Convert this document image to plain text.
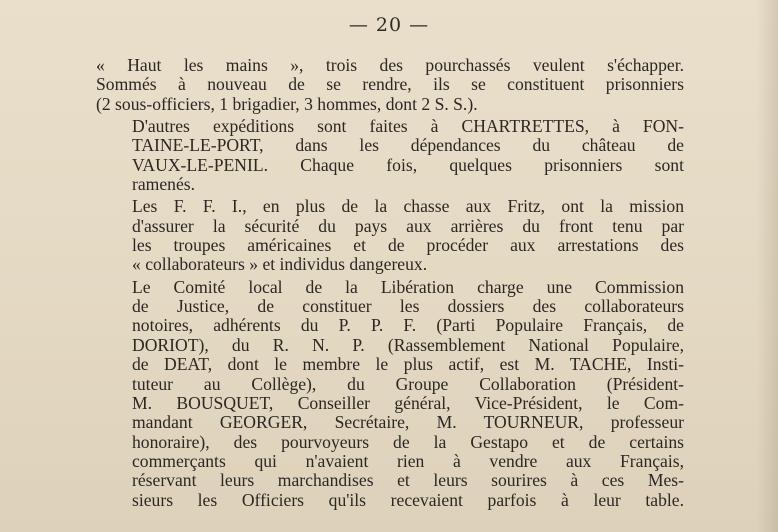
— 20 —

« Haut les mains », trois des pourchassés veulent s'échapper.
Sommés à nouveau de se rendre, ils se constituent prisonniers
(2 sous-officiers, 1 brigadier, 3 hommes, dont 2 S. S.).

D'autres expéditions sont faites à CHARTRETTES, à FON-
TAINE-LE-PORT, dans les dépendances du château de
VAUX-LE-PENIL. Chaque fois, quelques prisonniers sont
ramenés.

Les F. F. I., en plus de la chasse aux Fritz, ont la mission
d'assurer la sécurité du pays aux arrières du front tenu par
les troupes américaines et de procéder aux arrestations des
« collaborateurs » et individus dangereux.

Le Comité local de la Libération charge une Commission
de Justice, de constituer les dossiers des collaborateurs
notoires, adhérents du P. P. F. (Parti Populaire Français, de
DORIOT), du R. N. P. (Rassemblement National Populaire,
de DEAT, dont le membre le plus actif, est M. TACHE, Insti-
tuteur au Collège), du Groupe Collaboration (Président-
M. BOUSQUET, Conseiller général, Vice-Président, le Com-
mandant GEORGER, Secrétaire, M. TOURNEUR, professeur
honoraire), des pourvoyeurs de la Gestapo et de certains
commerçants qui n'avaient rien à vendre aux Français,
réservant leurs marchandises et leurs sourires à ces Mes-
sieurs les Officiers qu'ils recevaient parfois à leur table.
